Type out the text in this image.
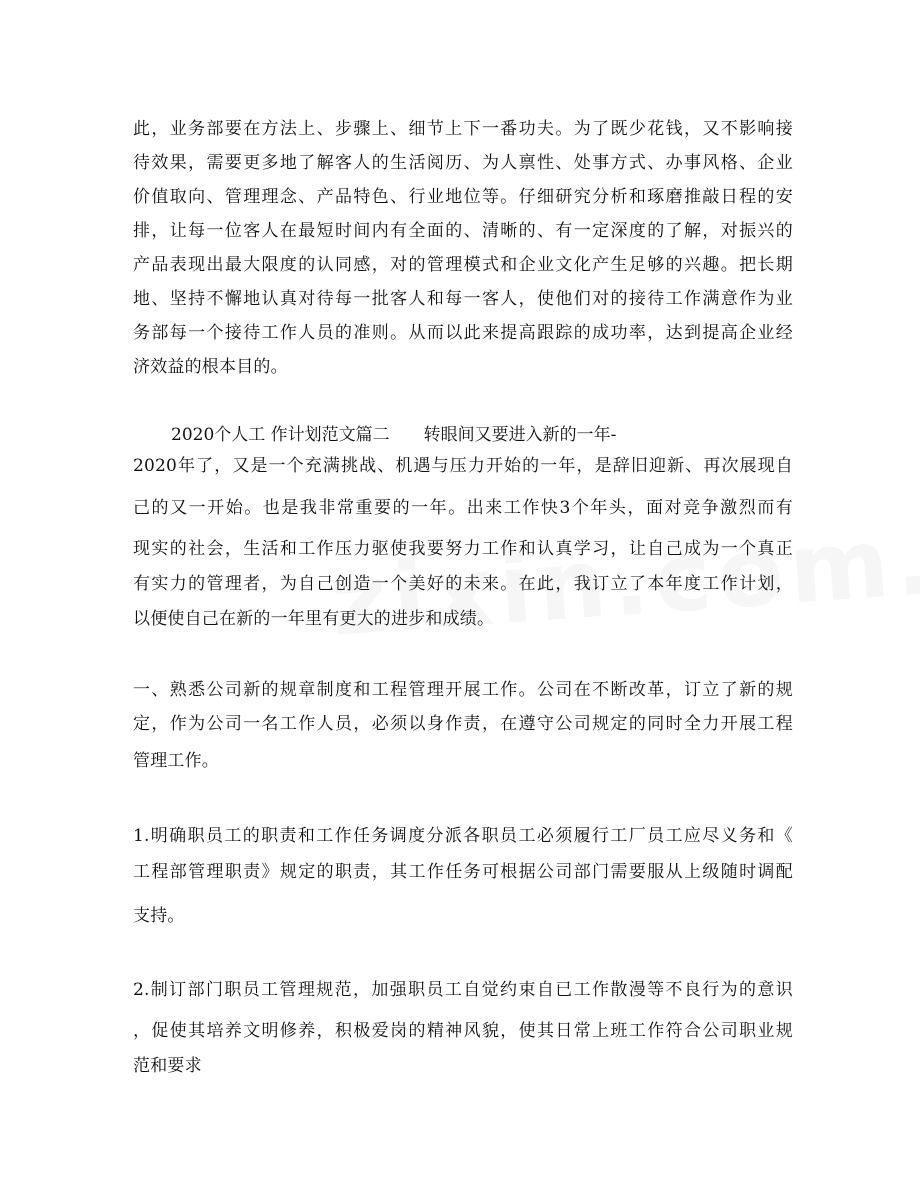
此，业务部要在方法上、步骤上、细节上下一番功夫。为了既少花钱，又不影响接
待效果，需要更多地了解客人的生活阅历、为人禀性、处事方式、办事风格、企业
价值取向、管理理念、产品特色、行业地位等。仔细研究分析和琢磨推敲日程的安
排，让每一位客人在最短时间内有全面的、清晰的、有一定深度的了解，对振兴的
产品表现出最大限度的认同感，对的管理模式和企业文化产生足够的兴趣。把长期
地、坚持不懈地认真对待每一批客人和每一客人，使他们对的接待工作满意作为业
务部每一个接待工作人员的准则。从而以此来提高跟踪的成功率，达到提高企业经
济效益的根本目的。
2020个人工 作计划范文篇二 转眼间又要进入新的一年-
2020年了，又是一个充满挑战、机遇与压力开始的一年，是辞旧迎新、再次展现自
己的又一开始。也是我非常重要的一年。出来工作快3个年头，面对竞争激烈而有
现实的社会，生活和工作压力驱使我要努力工作和认真学习，让自己成为一个真正
有实力的管理者，为自己创造一个美好的未来。在此，我订立了本年度工作计划，
以便使自己在新的一年里有更大的进步和成绩。
一、熟悉公司新的规章制度和工程管理开展工作。公司在不断改革，订立了新的规
定，作为公司一名工作人员，必须以身作责，在遵守公司规定的同时全力开展工程
管理工作。
1.明确职员工的职责和工作任务调度分派各职员工必须履行工厂员工应尽义务和《
工程部管理职责》规定的职责，其工作任务可根据公司部门需要服从上级随时调配
支持。
2.制订部门职员工管理规范，加强职员工自觉约束自已工作散漫等不良行为的意识
，促使其培养文明修养，积极爱岗的精神风貌，使其日常上班工作符合公司职业规
范和要求
